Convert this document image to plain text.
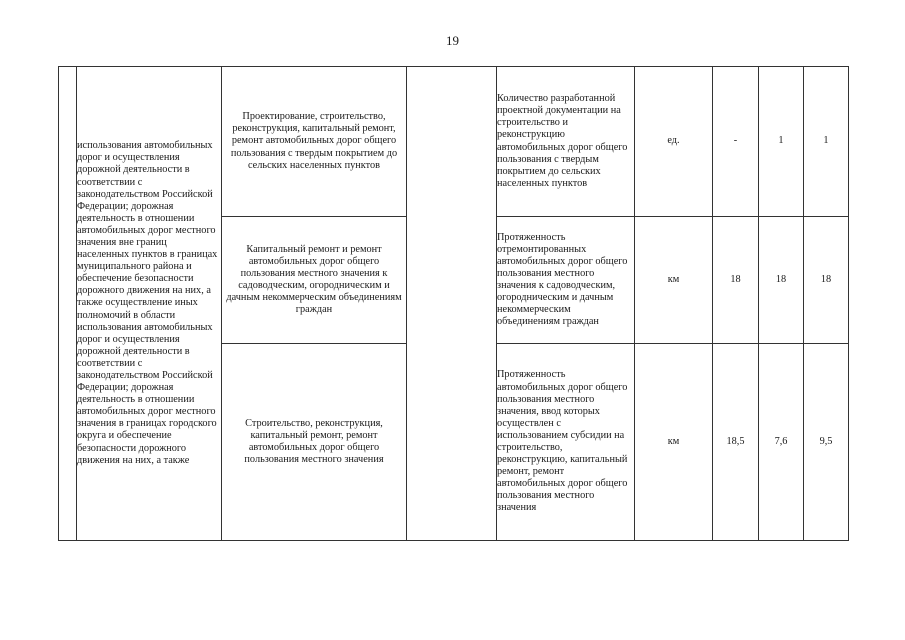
19
	использования автомобильных дорог и осуществления дорожной деятельности в соответствии с законодательством Российской Федерации; дорожная деятельность в отношении автомобильных дорог местного значения вне границ населенных пунктов в границах муниципального района и обеспечение безопасности дорожного движения на них, а также осуществление иных полномочий в области использования автомобильных дорог и осуществления дорожной деятельности в соответствии с законодательством Российской Федерации; дорожная деятельность в отношении автомобильных дорог местного значения в границах городского округа и обеспечение безопасности дорожного движения на них, а также	Проектирование, строительство, реконструкция, капитальный ремонт, ремонт автомобильных дорог общего пользования с твердым покрытием до сельских населенных пунктов		Количество разработанной проектной документации на строительство и реконструкцию автомобильных дорог общего пользования с твердым покрытием до сельских населенных пунктов	ед.	-	1	1
		Капитальный ремонт и ремонт автомобильных дорог общего пользования местного значения к садоводческим, огородническим и дачным некоммерческим объединениям граждан		Протяженность отремонтированных автомобильных дорог общего пользования местного значения к садоводческим, огородническим и дачным некоммерческим объединениям граждан	км	18	18	18
		Строительство, реконструкция, капитальный ремонт, ремонт автомобильных дорог общего пользования местного значения		Протяженность автомобильных дорог общего пользования местного значения, ввод которых осуществлен с использованием субсидии на строительство, реконструкцию, капитальный ремонт, ремонт автомобильных дорог общего пользования местного значения	км	18,5	7,6	9,5
